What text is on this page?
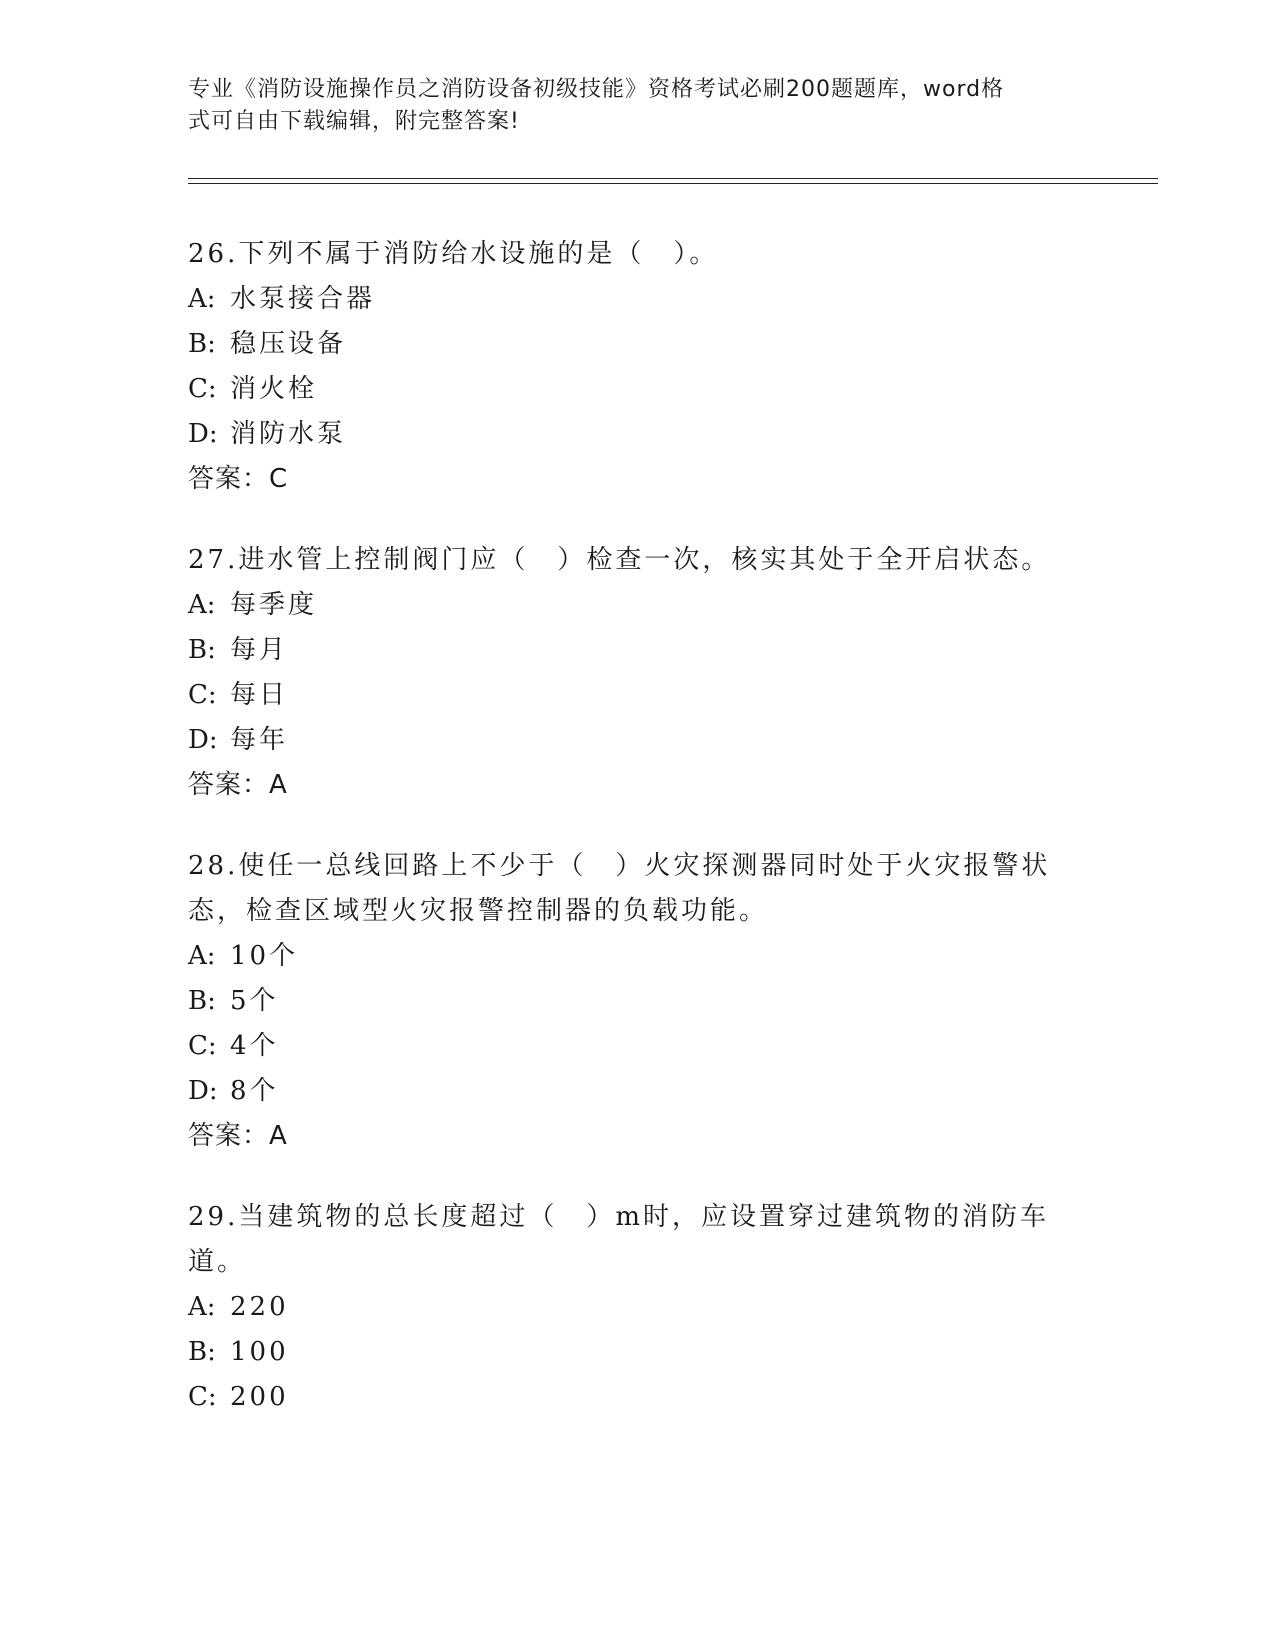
专业《消防设施操作员之消防设备初级技能》资格考试必刷200题题库，word格
式可自由下载编辑，附完整答案!
26.下列不属于消防给水设施的是（　）。
A: 水泵接合器
B: 稳压设备
C: 消火栓
D: 消防水泵
答案：C
27.进水管上控制阀门应（　）检查一次，核实其处于全开启状态。
A: 每季度
B: 每月
C: 每日
D: 每年
答案：A
28.使任一总线回路上不少于（　）火灾探测器同时处于火灾报警状态，检查区域型火灾报警控制器的负载功能。
A: 10个
B: 5个
C: 4个
D: 8个
答案：A
29.当建筑物的总长度超过（　）m时，应设置穿过建筑物的消防车道。
A: 220
B: 100
C: 200
